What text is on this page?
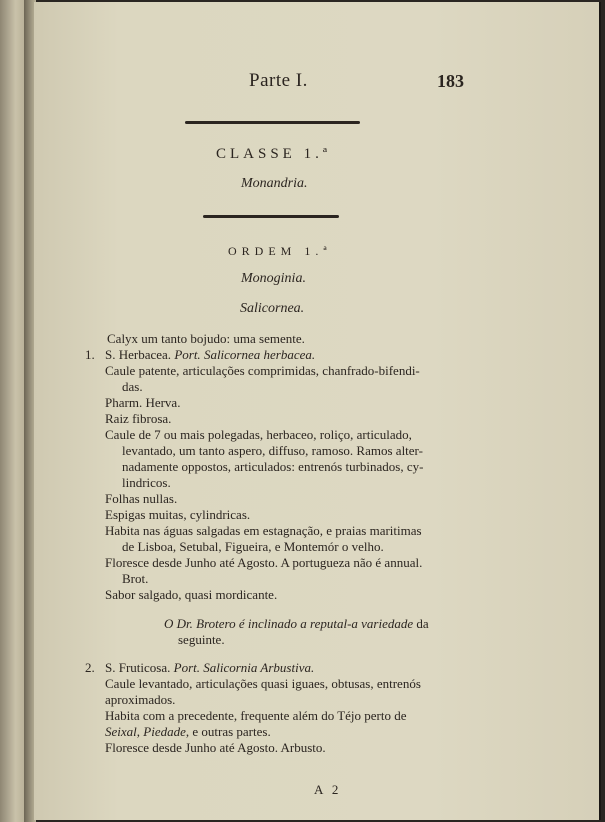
Parte I.	183
CLASSE 1.ª
Monandria.
ORDEM 1.ª
Monoginia.
Salicornea.
Calyx um tanto bojudo: uma semente.
1. S. Herbacea. Port. Salicornea herbacea.
Caule patente, articulações comprimidas, chanfrado-bifendi-
das.
Pharm. Herva.
Raiz fibrosa.
Caule de 7 ou mais polegadas, herbaceo, roliço, articulado,
levantado, um tanto aspero, diffuso, ramoso. Ramos alter-
nadamente oppostos, articulados: entrenós turbinados, cy-
lindricos.
Folhas nullas.
Espigas muitas, cylindricas.
Habita nas águas salgadas em estagnação, e praias maritimas
de Lisboa, Setubal, Figueira, e Montemór o velho.
Floresce desde Junho até Agosto. A portugueza não é annual.
Brot.
Sabor salgado, quasi mordicante.
O Dr. Brotero é inclinado a reputal-a variedade da
seguinte.
2. S. Fruticosa. Port. Salicornia Arbustiva.
Caule levantado, articulações quasi iguaes, obtusas, entrenós
aproximados.
Habita com a precedente, frequente além do Téjo perto de
Seixal, Piedade, e outras partes.
Floresce desde Junho até Agosto. Arbusto.
A 2
